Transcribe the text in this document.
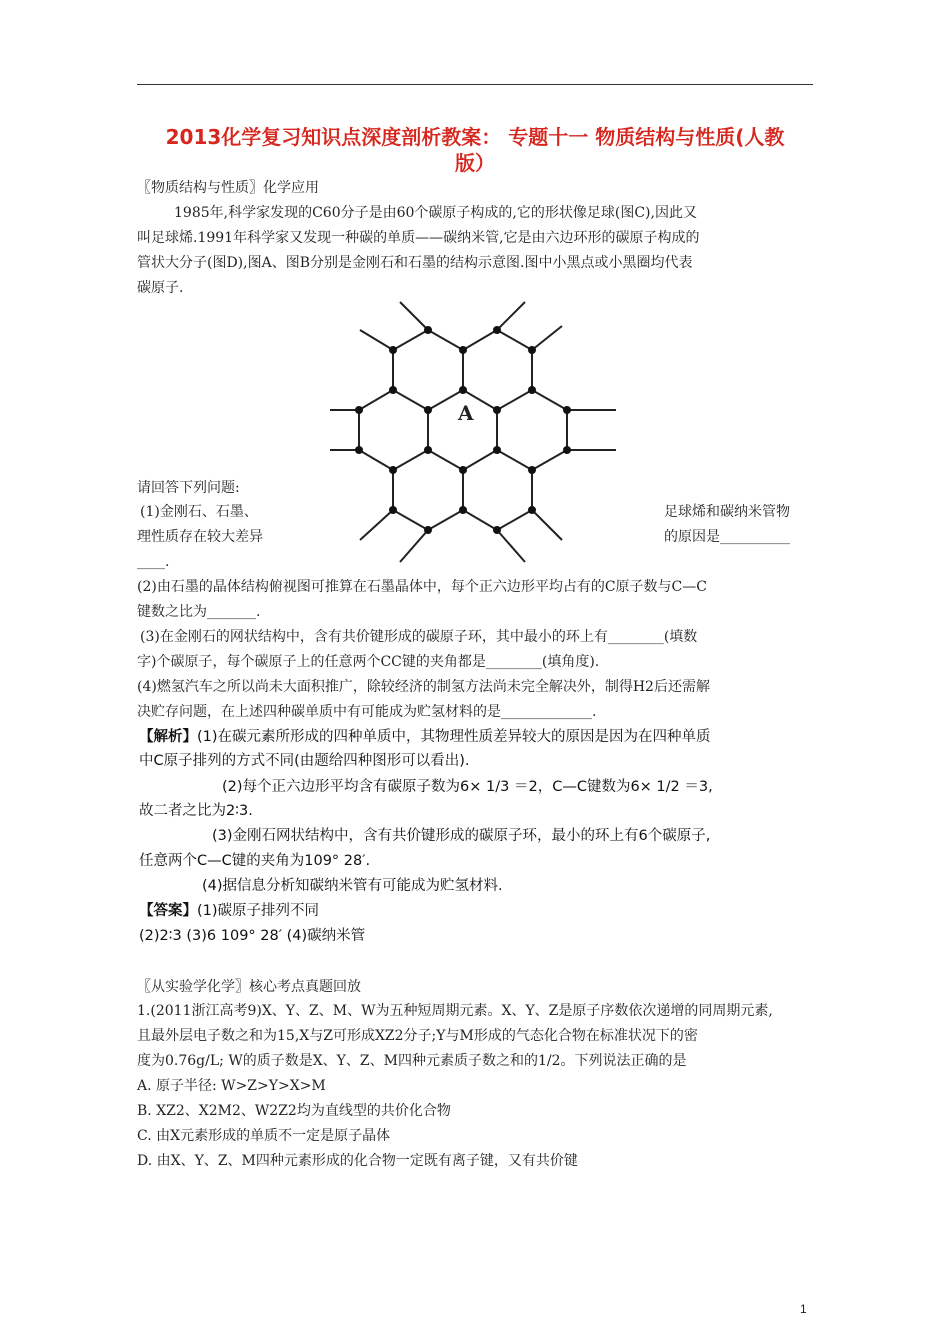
2013化学复习知识点深度剖析教案： 专题十一 物质结构与性质(人教
版）
〖物质结构与性质〗化学应用
1985年,科学家发现的C60分子是由60个碳原子构成的,它的形状像足球(图C),因此又
叫足球烯.1991年科学家又发现一种碳的单质——碳纳米管,它是由六边环形的碳原子构成的
管状大分子(图D),图A、图B分别是金刚石和石墨的结构示意图.图中小黑点或小黑圈均代表
碳原子.
A
请回答下列问题:
(1)金刚石、石墨、	足球烯和碳纳米管物
理性质存在较大差异	的原因是__________
____.
(2)由石墨的晶体结构俯视图可推算在石墨晶体中，每个正六边形平均占有的C原子数与C—C
键数之比为_______.
(3)在金刚石的网状结构中，含有共价键形成的碳原子环，其中最小的环上有________(填数
字)个碳原子，每个碳原子上的任意两个CC键的夹角都是________(填角度).
(4)燃氢汽车之所以尚未大面积推广，除较经济的制氢方法尚未完全解决外，制得H2后还需解
决贮存问题，在上述四种碳单质中有可能成为贮氢材料的是_____________.
【解析】(1)在碳元素所形成的四种单质中，其物理性质差异较大的原因是因为在四种单质
中C原子排列的方式不同(由题给四种图形可以看出).
(2)每个正六边形平均含有碳原子数为6× 1/3 ＝2，C—C键数为6× 1/2 ＝3,
故二者之比为2∶3.
(3)金刚石网状结构中，含有共价键形成的碳原子环，最小的环上有6个碳原子,
任意两个C—C键的夹角为109° 28′.
(4)据信息分析知碳纳米管有可能成为贮氢材料.
【答案】(1)碳原子排列不同
(2)2∶3 (3)6 109° 28′ (4)碳纳米管
〖从实验学化学〗核心考点真题回放
1.(2011浙江高考9)X、Y、Z、M、W为五种短周期元素。X、Y、Z是原子序数依次递增的同周期元素,
且最外层电子数之和为15,X与Z可形成XZ2分子;Y与M形成的气态化合物在标准状况下的密
度为0.76g/L; W的质子数是X、Y、Z、M四种元素质子数之和的1/2。下列说法正确的是
A. 原子半径: W>Z>Y>X>M
B. XZ2、X2M2、W2Z2均为直线型的共价化合物
C. 由X元素形成的单质不一定是原子晶体
D. 由X、Y、Z、M四种元素形成的化合物一定既有离子键，又有共价键
1
